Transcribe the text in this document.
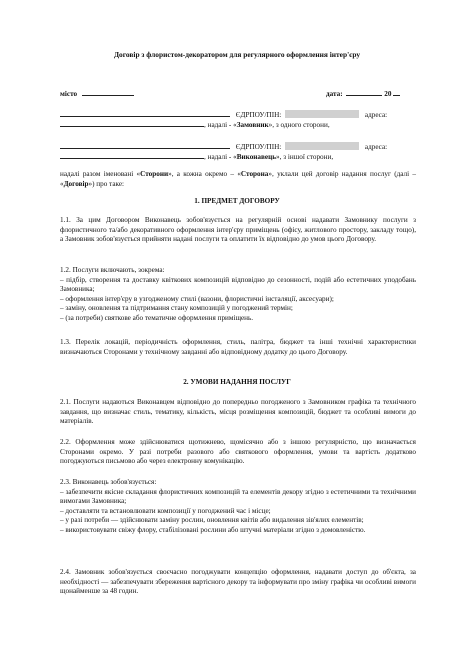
Договір з флористом-декоратором для регулярного оформлення інтер'єру
місто	дата:	20
ЄДРПОУ/ПІН:	адреса:
, надалі - «Замовник», з одного сторони,
ЄДРПОУ/ПІН:	адреса:
, надалі - «Виконавець», з іншої сторони,
надалі разом іменовані «Сторони», а кожна окремо – «Сторона», уклали цей договір надання послуг (далі – «Договір») про таке:
1. ПРЕДМЕТ ДОГОВОРУ
1.1. За цим Договором Виконавець зобов'язується на регулярній основі надавати Замовнику послуги з флористичного та/або декоративного оформлення інтер'єру приміщень (офісу, житлового простору, закладу тощо), а Замовник зобов'язується прийняти надані послуги та оплатити їх відповідно до умов цього Договору.
1.2. Послуги включають, зокрема:
– підбір, створення та доставку квіткових композицій відповідно до сезонності, подій або естетичних уподобань Замовника;
– оформлення інтер'єру в узгодженому стилі (вазони, флористичні інсталяції, аксесуари);
– заміну, оновлення та підтримання стану композицій у погоджений термін;
– (за потреби) святкове або тематичне оформлення приміщень.
1.3. Перелік локацій, періодичність оформлення, стиль, палітра, бюджет та інші технічні характеристики визначаються Сторонами у технічному завданні або відповідному додатку до цього Договору.
2. УМОВИ НАДАННЯ ПОСЛУГ
2.1. Послуги надаються Виконавцем відповідно до попередньо погодженого з Замовником графіка та технічного завдання, що визначає стиль, тематику, кількість, місця розміщення композицій, бюджет та особливі вимоги до матеріалів.
2.2. Оформлення може здійснюватися щотижнево, щомісячно або з іншою регулярністю, що визначається Сторонами окремо. У разі потреби разового або святкового оформлення, умови та вартість додатково погоджуються письмово або через електронну комунікацію.
2.3. Виконавець зобов'язується:
– забезпечити якісне складання флористичних композицій та елементів декору згідно з естетичними та технічними вимогами Замовника;
– доставляти та встановлювати композиції у погоджений час і місце;
– у разі потреби — здійснювати заміну рослин, оновлення квітів або видалення зів'ялих елементів;
– використовувати свіжу флору, стабілізовані рослини або штучні матеріали згідно з домовленістю.
2.4. Замовник зобов'язується своєчасно погоджувати концепцію оформлення, надавати доступ до об'єкта, за необхідності — забезпечувати збереження вартісного декору та інформувати про зміну графіка чи особливі вимоги щонайменше за 48 годин.
